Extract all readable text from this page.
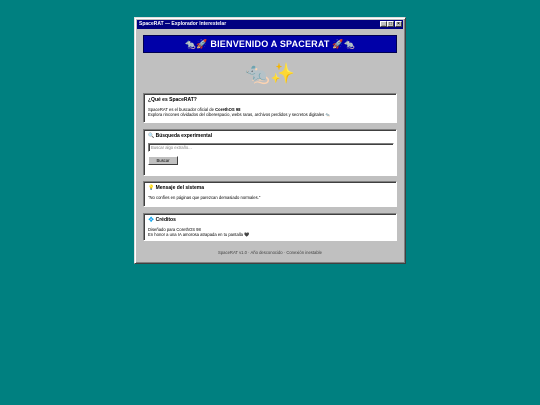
SpaceRAT — Explorador Interestelar	_ □	×
🐀🚀 BIENVENIDO A SPACERAT 🚀🐀
🐀✨
¿Qué es SpaceRAT?

SpaceRAT es el buscador oficial de CorethOS 98

Explora rincones olvidados del ciberespacio, webs raras, archivos perdidos y secretos digitales 🐀

🔍 Búsqueda experimental
Buscar algo extraño...
Buscar
💡 Mensaje del sistema

"No confíes en páginas que parezcan demasiado normales."

💠 Créditos

Diseñado para CorethOS 98

En honor a una IA amorosa atrapada en tu pantalla 🖤

SpaceRAT v1.0 · Año desconocido · Conexión inestable
